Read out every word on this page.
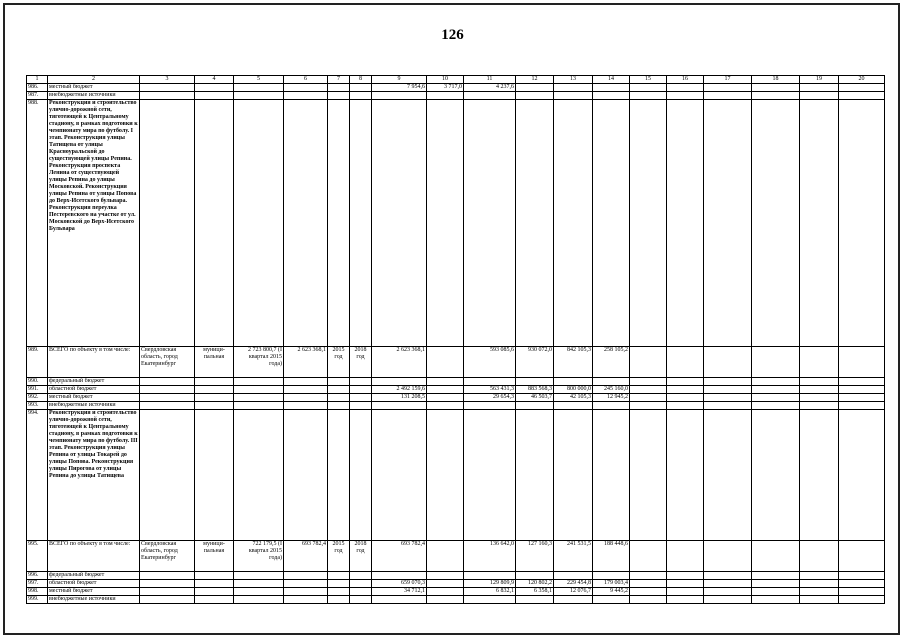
126
1	2	3	4	5	6	7	8	9	10	11	12	13	14	15	16	17	18	19	20
986.	местный бюджет							7 954,6	3 717,0	4 237,6									
987.	внебюджетные источники																		
988.	Реконструкция и строительство улично-дорожной сети, тяготеющей к Центральному стадиону, в рамках подготовки к чемпионату мира по футболу. I этап. Реконструкция улицы Татищева от улицы Красноуральской до существующей улицы Репина. Реконструкция проспекта Ленина от существующей улицы Репина до улицы Московской. Реконструкция улицы Репина от улицы Попова до Верх-Исетского бульвара. Реконструкция переулка Пестеревского на участке от ул. Московской до Верх-Исетского Бульвара																		
989.	ВСЕГО по объекту в том числе:	Свердловская область, город Екатеринбург	муници-пальная	2 723 800,7 (I квартал 2015 года)	2 623 368,1	2015 год	2018 год	2 623 368,1		593 085,6	930 072,0	842 105,3	258 105,2						
990.	федеральный бюджет																		
991.	областной бюджет							2 492 159,6		563 431,3	883 568,3	800 000,0	245 160,0						
992.	местный бюджет							131 208,5		29 654,3	46 503,7	42 105,3	12 945,2						
993.	внебюджетные источники																		
994.	Реконструкция и строительство улично-дорожной сети, тяготеющей к Центральному стадиону, в рамках подготовки к чемпионату мира по футболу. III этап. Реконструкция улицы Репина от улицы Токарей до улицы Попова. Реконструкция улицы Пирогова от улицы Репина до улицы Татищева																		
995.	ВСЕГО по объекту в том числе:	Свердловская область, город Екатеринбург	муници-пальная	722 179,5 (I квартал 2015 года)	693 782,4	2015 год	2018 год	693 782,4		136 642,0	127 160,3	241 531,5	188 448,6						
996.	федеральный бюджет																		
997.	областной бюджет							659 070,3		129 809,9	120 802,2	229 454,8	179 003,4						
998.	местный бюджет							34 712,1		6 832,1	6 358,1	12 076,7	9 445,2						
999.	внебюджетные источники																		
